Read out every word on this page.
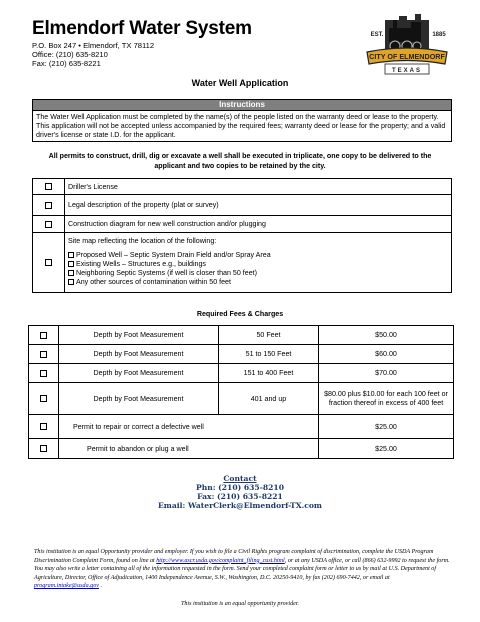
Elmendorf Water System
P.O. Box 247 • Elmendorf, TX 78112
Office: (210) 635-8210
Fax: (210) 635-8221
EST.	1885
CITY OF ELMENDORF
TEXAS
Water Well Application
Instructions
The Water Well Application must be completed by the name(s) of the people listed on the warranty deed or lease to the property. This application will not be accepted unless accompanied by the required fees; warranty deed or lease for the property; and a valid driver's license or state I.D. for the applicant.
All permits to construct, drill, dig or excavate a well shall be executed in triplicate, one copy to be delivered to the applicant and two copies to be retained by the city.
	Driller's License
	Legal description of the property (plat or survey)
	Construction diagram for new well construction and/or plugging

	Site map reflecting the location of the following:
Proposed Well – Septic System Drain Field and/or Spray Area
Existing Wells – Structures e.g., buildings
Neighboring Septic Systems (if well is closer than 50 feet)
Any other sources of contamination within 50 feet
Required Fees & Charges
	Depth by Foot Measurement	50 Feet	$50.00
	Depth by Foot Measurement	51 to 150 Feet	$60.00
	Depth by Foot Measurement	151 to 400 Feet	$70.00
	Depth by Foot Measurement	401 and up	$80.00 plus $10.00 for each 100 feet or fraction thereof in excess of 400 feet
	Permit to repair or correct a defective well		$25.00
	Permit to abandon or plug a well		$25.00
Contact
Phn: (210) 635-8210
Fax: (210) 635-8221
Email: WaterClerk@Elmendorf-TX.com
This institution is an equal Opportunity provider and employer. If you wish to file a Civil Rights program complaint of discrimination, complete the USDA Program Discrimination Complaint Form, found on line at http://www.ascr.usda.gov/complaint_filing_cust.html, or at any USDA office, or call (866) 632-9992 to request the form. You may also write a letter containing all of the information requested in the form. Send your completed complaint form or letter to us by mail at U.S. Department of Agriculture, Director, Office of Adjudication, 1400 Independence Avenue, S.W., Washington, D.C. 20250-9410, by fax (202) 690-7442, or email at program.intake@usda.gov .
This institution is an equal opportunity provider.
